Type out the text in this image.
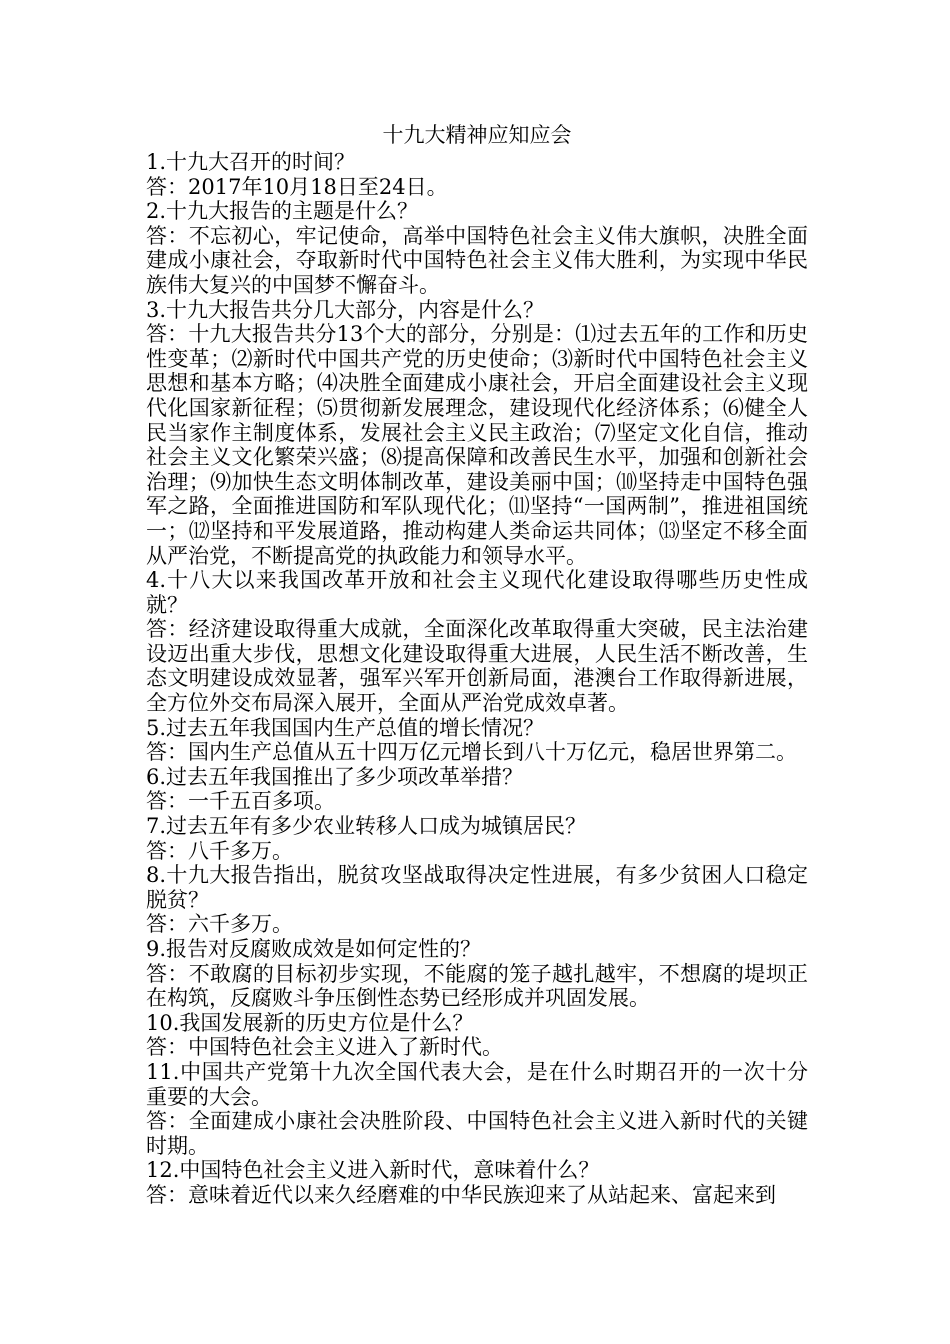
十九大精神应知应会

1.十九大召开的时间？

答：2017年10月18日至24日。

2.十九大报告的主题是什么？

答：不忘初心，牢记使命，高举中国特色社会主义伟大旗帜，决胜全面建成小康社会，夺取新时代中国特色社会主义伟大胜利，为实现中华民族伟大复兴的中国梦不懈奋斗。

3.十九大报告共分几大部分，内容是什么？

答：十九大报告共分13个大的部分，分别是：⑴过去五年的工作和历史性变革；⑵新时代中国共产党的历史使命；⑶新时代中国特色社会主义思想和基本方略；⑷决胜全面建成小康社会，开启全面建设社会主义现代化国家新征程；⑸贯彻新发展理念，建设现代化经济体系；⑹健全人民当家作主制度体系，发展社会主义民主政治；⑺坚定文化自信，推动社会主义文化繁荣兴盛；⑻提高保障和改善民生水平，加强和创新社会治理；⑼加快生态文明体制改革，建设美丽中国；⑽坚持走中国特色强军之路，全面推进国防和军队现代化；⑾坚持“一国两制”，推进祖国统一；⑿坚持和平发展道路，推动构建人类命运共同体；⒀坚定不移全面从严治党，不断提高党的执政能力和领导水平。

4.十八大以来我国改革开放和社会主义现代化建设取得哪些历史性成就？

答：经济建设取得重大成就，全面深化改革取得重大突破，民主法治建设迈出重大步伐，思想文化建设取得重大进展，人民生活不断改善，生态文明建设成效显著，强军兴军开创新局面，港澳台工作取得新进展，全方位外交布局深入展开，全面从严治党成效卓著。

5.过去五年我国国内生产总值的增长情况？

答：国内生产总值从五十四万亿元增长到八十万亿元，稳居世界第二。

6.过去五年我国推出了多少项改革举措？

答：一千五百多项。

7.过去五年有多少农业转移人口成为城镇居民？

答：八千多万。

8.十九大报告指出，脱贫攻坚战取得决定性进展，有多少贫困人口稳定脱贫？

答：六千多万。

9.报告对反腐败成效是如何定性的？

答：不敢腐的目标初步实现，不能腐的笼子越扎越牢，不想腐的堤坝正在构筑，反腐败斗争压倒性态势已经形成并巩固发展。

10.我国发展新的历史方位是什么？

答：中国特色社会主义进入了新时代。

11.中国共产党第十九次全国代表大会，是在什么时期召开的一次十分重要的大会。

答：全面建成小康社会决胜阶段、中国特色社会主义进入新时代的关键时期。

12.中国特色社会主义进入新时代，意味着什么？

答：意味着近代以来久经磨难的中华民族迎来了从站起来、富起来到
